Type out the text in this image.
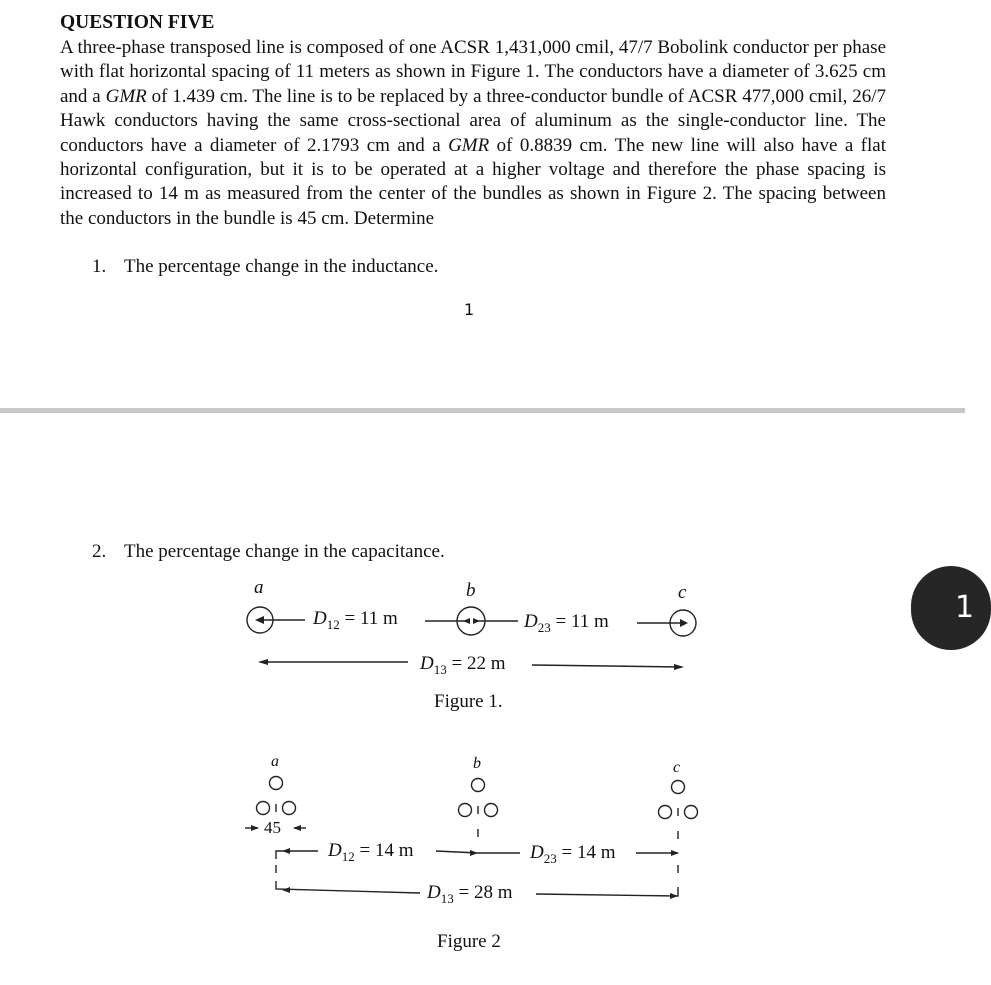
QUESTION FIVE
A three-phase transposed line is composed of one ACSR 1,431,000 cmil, 47/7 Bobolink conductor per phase with flat horizontal spacing of 11 meters as shown in Figure 1. The conductors have a diameter of 3.625 cm and a GMR of 1.439 cm. The line is to be replaced by a three-conductor bundle of ACSR 477,000 cmil, 26/7 Hawk conductors having the same cross-sectional area of aluminum as the single-conductor line. The conductors have a diameter of 2.1793 cm and a GMR of 0.8839 cm. The new line will also have a flat horizontal configuration, but it is to be operated at a higher voltage and therefore the phase spacing is increased to 14 m as measured from the center of the bundles as shown in Figure 2. The spacing between the conductors in the bundle is 45 cm. Determine
1. The percentage change in the inductance.
1
2. The percentage change in the capacitance.
1
a	b	c
$D_{12} = 11$ m	$D_{23} = 11$ m
$D_{13} = 22$ m
Figure 1.
a	b	c
45
$D_{12} = 14$ m	$D_{23} = 14$ m
$D_{13} = 28$ m
Figure 2
